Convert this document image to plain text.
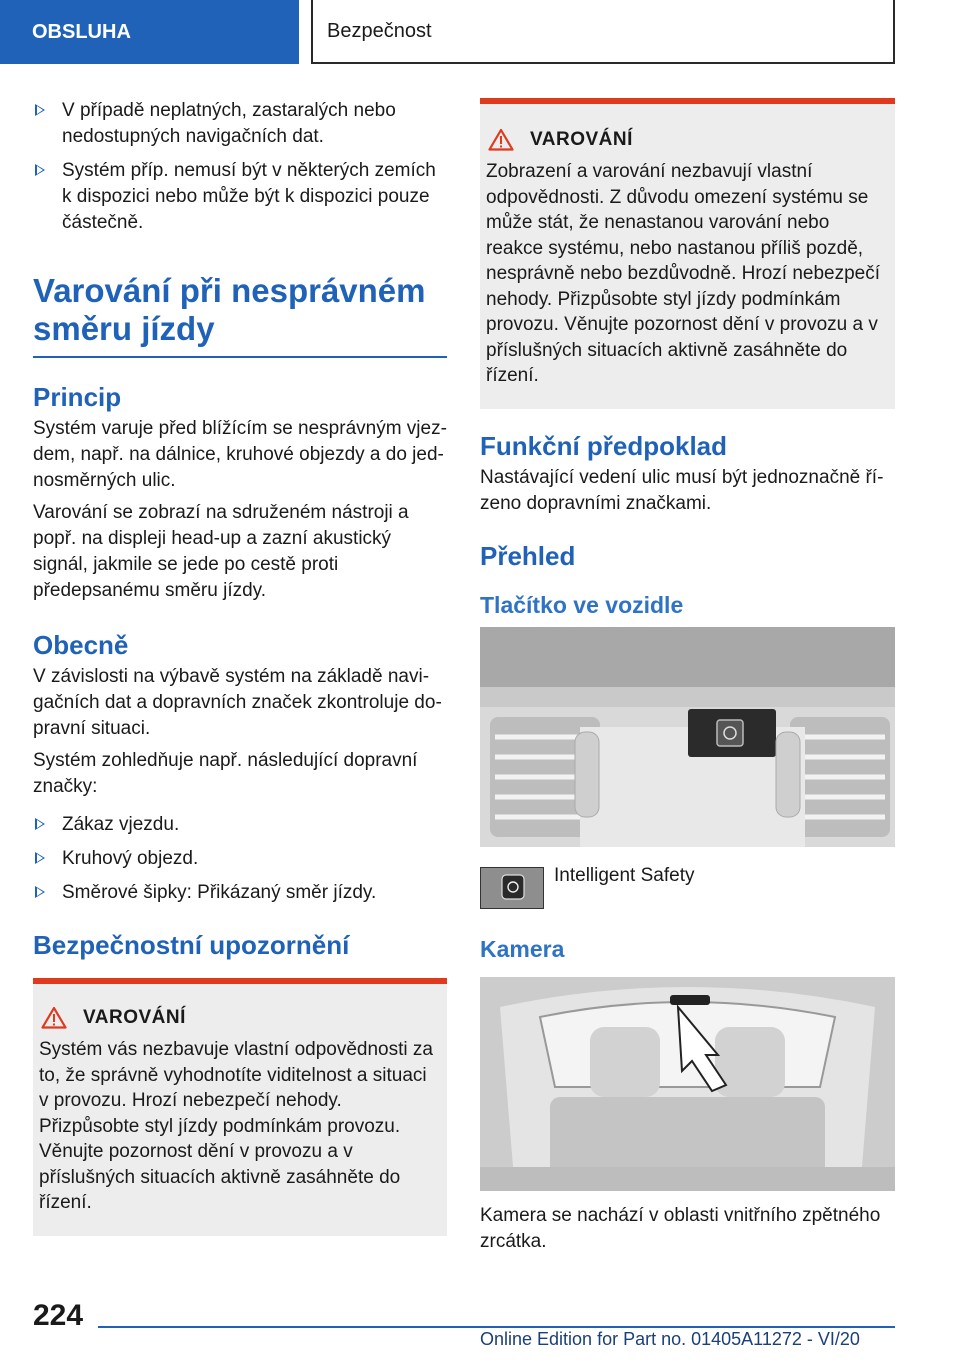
OBSLUHA	Bezpečnost
V případě neplatných, zastaralých nebo nedostupných navigačních dat.
Systém příp. nemusí být v některých zemích k dispozici nebo může být k dispozici pouze částečně.
Varování při nesprávném směru jízdy
Princip

Systém varuje před blížícím se nesprávným vjezdem, např. na dálnice, kruhové objezdy a do jednosměrných ulic.

Varování se zobrazí na sdruženém nástroji a popř. na displeji head-up a zazní akustický signál, jakmile se jede po cestě proti předepsanému směru jízdy.

Obecně

V závislosti na výbavě systém na základě navigačních dat a dopravních značek zkontroluje dopravní situaci.

Systém zohledňuje např. následující dopravní značky:

Zákaz vjezdu.
Kruhový objezd.
Směrové šipky: Přikázaný směr jízdy.
Bezpečnostní upozornění
VAROVÁNÍ

Systém vás nezbavuje vlastní odpovědnosti za to, že správně vyhodnotíte viditelnost a situaci v provozu. Hrozí nebezpečí nehody. Přizpůsobte styl jízdy podmínkám provozu. Věnujte pozornost dění v provozu a v příslušných situacích aktivně zasáhněte do řízení.

VAROVÁNÍ

Zobrazení a varování nezbavují vlastní odpovědnosti. Z důvodu omezení systému se může stát, že nenastanou varování nebo reakce systému, nebo nastanou příliš pozdě, nesprávně nebo bezdůvodně. Hrozí nebezpečí nehody. Přizpůsobte styl jízdy podmínkám provozu. Věnujte pozornost dění v provozu a v příslušných situacích aktivně zasáhněte do řízení.

Funkční předpoklad

Nastávající vedení ulic musí být jednoznačně řízeno dopravními značkami.

Přehled
Tlačítko ve vozidle
Intelligent Safety
Kamera

Kamera se nachází v oblasti vnitřního zpětného zrcátka.

224
Online Edition for Part no. 01405A11272 - VI/20
